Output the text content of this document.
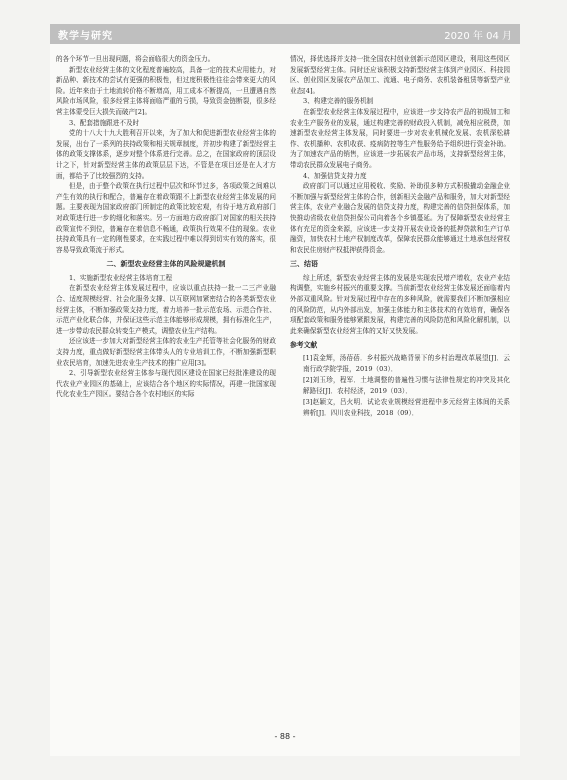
教学与研究	2020 年 04 月

的各个环节一旦出现问题，将会面临很大的资金压力。

新型农业经营主体的文化程度普遍较高，具备一定的技术应用能力，对新品种、新技术的尝试有更强的积极性，但过度积极性往往会带来更大的风险。近年来由于土地流转价格不断增高，用工成本不断提高，一旦遭遇自然风险市场风险，很多经营主体将面临严重的亏损，导致资金链断裂，很多经营主体蒙受巨大损失而破产[2]。

3、配套措施跟进不及时

党的十八大十九大胜利召开以来，为了加大和促进新型农业经营主体的发展，出台了一系列的扶持政策和相关规章制度，并初步构建了新型经营主体的政策支撑体系，逐步对整个体系进行完善。总之，在国家政府的顶层设计之下，针对新型经营主体的政策层层下达，不管是在项目还是在人才方面，都给予了比较强烈的支持。

但是，由于整个政策在执行过程中层次和环节过多，各项政策之间难以产生有效的执行和配合，普遍存在着政策跟不上新型农业经营主体发展的问题。主要表现为国家政府部门所制定的政策比较宏观，有待于地方政府部门对政策进行进一步的细化和落实。另一方面地方政府部门对国家的相关扶持政策宣传不到位，普遍存在着信息不畅通，政策执行效果不佳的现象。农业扶持政策具有一定的刚性要求，在实践过程中难以得到切实有效的落实，很容易导致政策流于形式。

二、新型农业经营主体的风险规避机制

1、实施新型农业经营主体培育工程

在新型农业经营主体发展过程中，应该以重点扶持一批一二三产业融合、适度规模经营、社会化服务支撑、以互联网加紧密结合的各类新型农业经营主体，不断加强政策支持力度，着力培养一批示范农场、示范合作社、示范产业化联合体，并保证这些示范主体能够形成规模，拥有标准化生产，进一步带动农民群众转变生产模式，调整农业生产结构。

还应该进一步加大对新型经营主体的农业生产托管等社会化服务的财政支持力度，重点做好新型经营主体带头人的专业培训工作，不断加强新型职业农民培育，加速先进农业生产技术的推广应用[3]。

2、引导新型农业经营主体参与现代园区建设在国家已经批准建设的现代农业产业园区的基础上，应该结合各个地区的实际情况，再建一批国家现代化农业生产园区。要结合各个农村地区的实际

情况，择优选择并支持一批全国农村创业创新示范园区建设，利用这些园区发展新型经营主体。同时还应该积极支持新型经营主体到产业园区、科技园区、创业园区发展农产品加工、流通、电子商务、农机装备租赁等新型产业业态[4]。

3、构建完善的服务机制

在新型农业经营主体发展过程中，应该进一步支持农产品的初级加工和农业生产服务业的发展，通过构建完善的财政投入机制，减免相应税费，加速新型农业经营主体发展，同时要进一步对农业机械化发展、农机深松耕作、农机播种、农机收获、疫病防控等生产性服务给予组织进行资金补助。为了加速农产品的销售，应该进一步拓展农产品市场，支持新型经营主体，带动农民群众发展电子商务。

4、加强信贷支持力度

政府部门可以通过应用税收、奖励、补助很多种方式积极撬动金融企业不断加强与新型经营主体的合作，创新相关金融产品和服务，加大对新型经营主体，农业产业融合发展的信贷支持力度，构建完善的信贷担保体系，加快推动省级农业信贷担保公司向着各个乡镇蔓延。为了保障新型农业经营主体有充足的资金来源，应该进一步支持开展农业设备的抵押贷款和生产订单融资，加快农村土地产权制度改革，保障农民群众能够通过土地承包经营权和农民住房财产权抵押获得资金。

三、结语

综上所述，新型农业经营主体的发展是实现农民增产增收，农业产业结构调整，实施乡村振兴的重要支撑。当前新型农业经营主体发展还面临着内外部双重风险。针对发展过程中存在的多种风险，就需要我们不断加强相应的风险防范，从内外部出发，加强主体能力和主体技术的有效培育，确保各项配套政策和服务能够紧跟发展，构建完善的风险防范和风险化解机制，以此来确保新型农业经营主体的又好又快发展。

参考文献

[1]袁金辉，汤蓓蓓．乡村振兴战略背景下的乡村治理改革展望[J]．云南行政学院学报，2019（03）．

[2]刘玉珍，程军．土地调整的普遍性习惯与法律性规定的冲突及其化解路径[J]．农村经济，2019（03）．

[3]赵颖文，吕火明．试论农业规模经营进程中多元经营主体间的关系辨析[J]．四川农业科技，2018（09）．

- 88 -
